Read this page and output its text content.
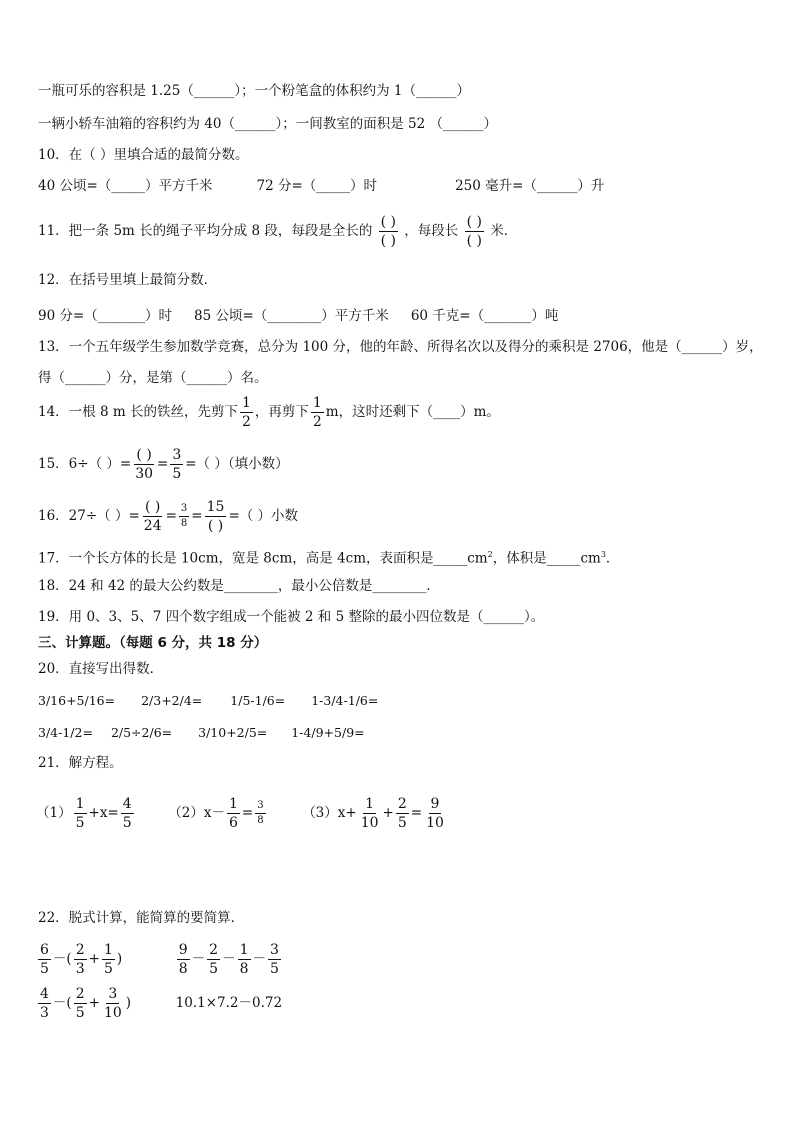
一瓶可乐的容积是 1.25（______）；一个粉笔盒的体积约为 1（______）
一辆小轿车油箱的容积约为 40（______）；一间教室的面积是 52 （______）
10．在（ ）里填合适的最简分数。
40 公顷=（_____）平方千米	72 分=（_____）时	250 毫升=（______）升
11．把一条 5m 长的绳子平均分成 8 段，每段是全长的 $\frac{( )}{( )}$ ，每段长 $\frac{( )}{( )}$ 米．
12．在括号里填上最简分数．
90 分=（_______）时 85 公顷=（________）平方千米 60 千克=（_______）吨
13．一个五年级学生参加数学竞赛，总分为 100 分，他的年龄、所得名次以及得分的乘积是 2706，他是（______）岁，
得（______）分，是第（______）名。
14．一根 8 m 长的铁丝，先剪下 $\frac{1}{2}$ ，再剪下 $\frac{1}{2}$ m，这时还剩下（____）m。
15．6÷（ ）= $\frac{( )}{30} = \frac{3}{5}$ =（ ）（填小数）
16．27÷（ ）= $\frac{( )}{24} = \frac{3}{8} = \frac{15}{( )}$ =（ ）小数
17．一个长方体的长是 10cm，宽是 8cm，高是 4cm，表面积是$\_\_\_\_\_cm^2$，体积是$\_\_\_\_\_cm^3$．
18．24 和 42 的最大公约数是________，最小公倍数是________．
19．用 0、3、5、7 四个数字组成一个能被 2 和 5 整除的最小四位数是（______）。
三、计算题。（每题 6 分，共 18 分）
20．直接写出得数．
3/16+5/16= 2/3+2/4= 1/5-1/6= 1-3/4-1/6=
3/4-1/2= 2/5÷2/6= 3/10+2/5= 1-4/9+5/9=
21．解方程。
$(1) \frac{1}{5} +x= \frac{4}{5}$	$(2)x- \frac{1}{6} = \frac{3}{8}$	$(3)x+ \frac{1}{10} + \frac{2}{5} = \frac{9}{10}$
22．脱式计算，能简算的要简算．
$\frac{6}{5}$ －( $\frac{2}{3} + \frac{1}{5}$ )	$\frac{9}{8} - \frac{2}{5} - \frac{1}{8} - \frac{3}{5}$
$\frac{4}{3}$ －( $\frac{2}{5} + \frac{3}{10}$ )	10.1×7.2－0.72
